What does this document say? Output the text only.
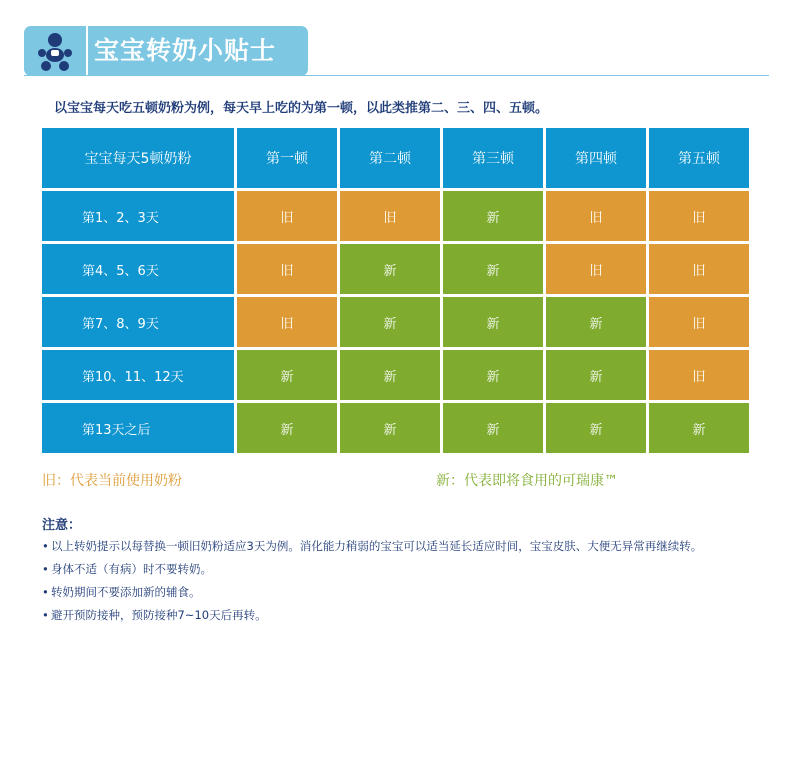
宝宝转奶小贴士
以宝宝每天吃五顿奶粉为例，每天早上吃的为第一顿，以此类推第二、三、四、五顿。
宝宝每天5顿奶粉	第一顿	第二顿	第三顿	第四顿	第五顿
第1、2、3天	旧	旧	新	旧	旧
第4、5、6天	旧	新	新	旧	旧
第7、8、9天	旧	新	新	新	旧
第10、11、12天	新	新	新	新	旧
第13天之后	新	新	新	新	新
旧：代表当前使用奶粉	新：代表即将食用的可瑞康™
注意：
• 以上转奶提示以每替换一顿旧奶粉适应3天为例。消化能力稍弱的宝宝可以适当延长适应时间，宝宝皮肤、大便无异常再继续转。
• 身体不适（有病）时不要转奶。
• 转奶期间不要添加新的辅食。
• 避开预防接种，预防接种7~10天后再转。
